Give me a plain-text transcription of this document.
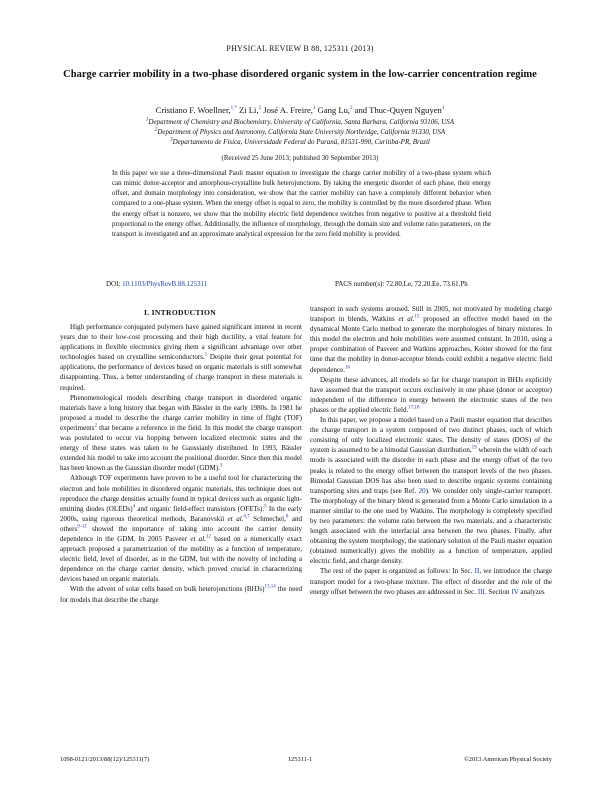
PHYSICAL REVIEW B 88, 125311 (2013)
Charge carrier mobility in a two-phase disordered organic system in the low-carrier concentration regime
Cristiano F. Woellner,$^{1,*}$ Zi Li,$^2$ José A. Freire,$^3$ Gang Lu,$^2$ and Thuc-Quyen Nguyen$^1$
$^1$Department of Chemistry and Biochemistry, University of California, Santa Barbara, California 93106, USA
$^2$Department of Physics and Astronomy, California State University Northridge, California 91330, USA
$^3$Departamento de Física, Universidade Federal do Paraná, 81531-990, Curitiba-PR, Brazil
(Received 25 June 2013; published 30 September 2013)
In this paper we use a three-dimensional Pauli master equation to investigate the charge carrier mobility of a two-phase system which can mimic donor-acceptor and amorphous-crystalline bulk heterojunctions. By taking the energetic disorder of each phase, their energy offset, and domain morphology into consideration, we show that the carrier mobility can have a completely different behavior when compared to a one-phase system. When the energy offset is equal to zero, the mobility is controlled by the more disordered phase. When the energy offset is nonzero, we show that the mobility electric field dependence switches from negative to positive at a threshold field proportional to the energy offset. Additionally, the influence of morphology, through the domain size and volume ratio parameters, on the transport is investigated and an approximate analytical expression for the zero field mobility is provided.
DOI: 10.1103/PhysRevB.88.125311	PACS number(s): 72.80.Le, 72.20.Ee, 73.61.Ph
I. INTRODUCTION

High performance conjugated polymers have gained significant interest in recent years due to their low-cost processing and their high ductility, a vital feature for applications in flexible electronics giving them a significant advantage over other technologies based on crystalline semiconductors.$^1$ Despite their great potential for applications, the performance of devices based on organic materials is still somewhat disappointing. Thus, a better understanding of charge transport in these materials is required.

Phenomenological models describing charge transport in disordered organic materials have a long history that began with Bässler in the early 1980s. In 1981 he proposed a model to describe the charge carrier mobility in time of flight (TOF) experiments$^2$ that became a reference in the field. In this model the charge transport was postulated to occur via hopping between localized electronic states and the energy of these states was taken to be Gaussianly distributed. In 1993, Bässler extended his model to take into account the positional disorder. Since then this model has been known as the Gaussian disorder model (GDM).$^3$

Although TOF experiments have proven to be a useful tool for characterizing the electron and hole mobilities in disordered organic materials, this technique does not reproduce the charge densities actually found in typical devices such as organic light-emitting diodes (OLEDs)$^4$ and organic field-effect transistors (OFETs).$^5$ In the early 2000s, using rigorous theoretical methods, Baranovskii et al.$^{6,7}$ Schmechel,$^8$ and others$^{9-11}$ showed the importance of taking into account the carrier density dependence in the GDM. In 2005 Pasveer et al.$^{12}$ based on a numerically exact approach proposed a parametrization of the mobility as a function of temperature, electric field, level of disorder, as in the GDM, but with the novelty of including a dependence on the charge carrier density, which proved crucial in characterizing devices based on organic materials.

With the advent of solar cells based on bulk heterojunctions (BHJs)$^{13,14}$ the need for models that describe the charge

transport in such systems aroused. Still in 2005, not motivated by modeling charge transport in blends, Watkins et al.$^{15}$ proposed an effective model based on the dynamical Monte Carlo method to generate the morphologies of binary mixtures. In this model the electron and hole mobilities were assumed constant. In 2010, using a proper combination of Pasveer and Watkins approaches, Koster showed for the first time that the mobility in donor-acceptor blends could exhibit a negative electric field dependence.$^{16}$

Despite these advances, all models so far for charge transport in BHJs explicitly have assumed that the transport occurs exclusively in one phase (donor or acceptor) independent of the difference in energy between the electronic states of the two phases or the applied electric field.$^{17,18}$

In this paper, we propose a model based on a Pauli master equation that describes the charge transport in a system composed of two distinct phases, each of which consisting of only localized electronic states. The density of states (DOS) of the system is assumed to be a bimodal Gaussian distribution,$^{19}$ wherein the width of each mode is associated with the disorder in each phase and the energy offset of the two peaks is related to the energy offset between the transport levels of the two phases. Bimodal Gaussian DOS has also been used to describe organic systems containing transporting sites and traps (see Ref. 20). We consider only single-carrier transport. The morphology of the binary blend is generated from a Monte Carlo simulation in a manner similar to the one used by Watkins. The morphology is completely specified by two parameters: the volume ratio between the two materials, and a characteristic length associated with the interfacial area between the two phases. Finally, after obtaining the system morphology, the stationary solution of the Pauli master equation (obtained numerically) gives the mobility as a function of temperature, applied electric field, and charge density.

The rest of the paper is organized as follows: In Sec. II, we introduce the charge transport model for a two-phase mixture. The effect of disorder and the role of the energy offset between the two phases are addressed in Sec. III. Section IV analyzes

1098-0121/2013/88(12)/125311(7)	125311-1	©2013 American Physical Society
